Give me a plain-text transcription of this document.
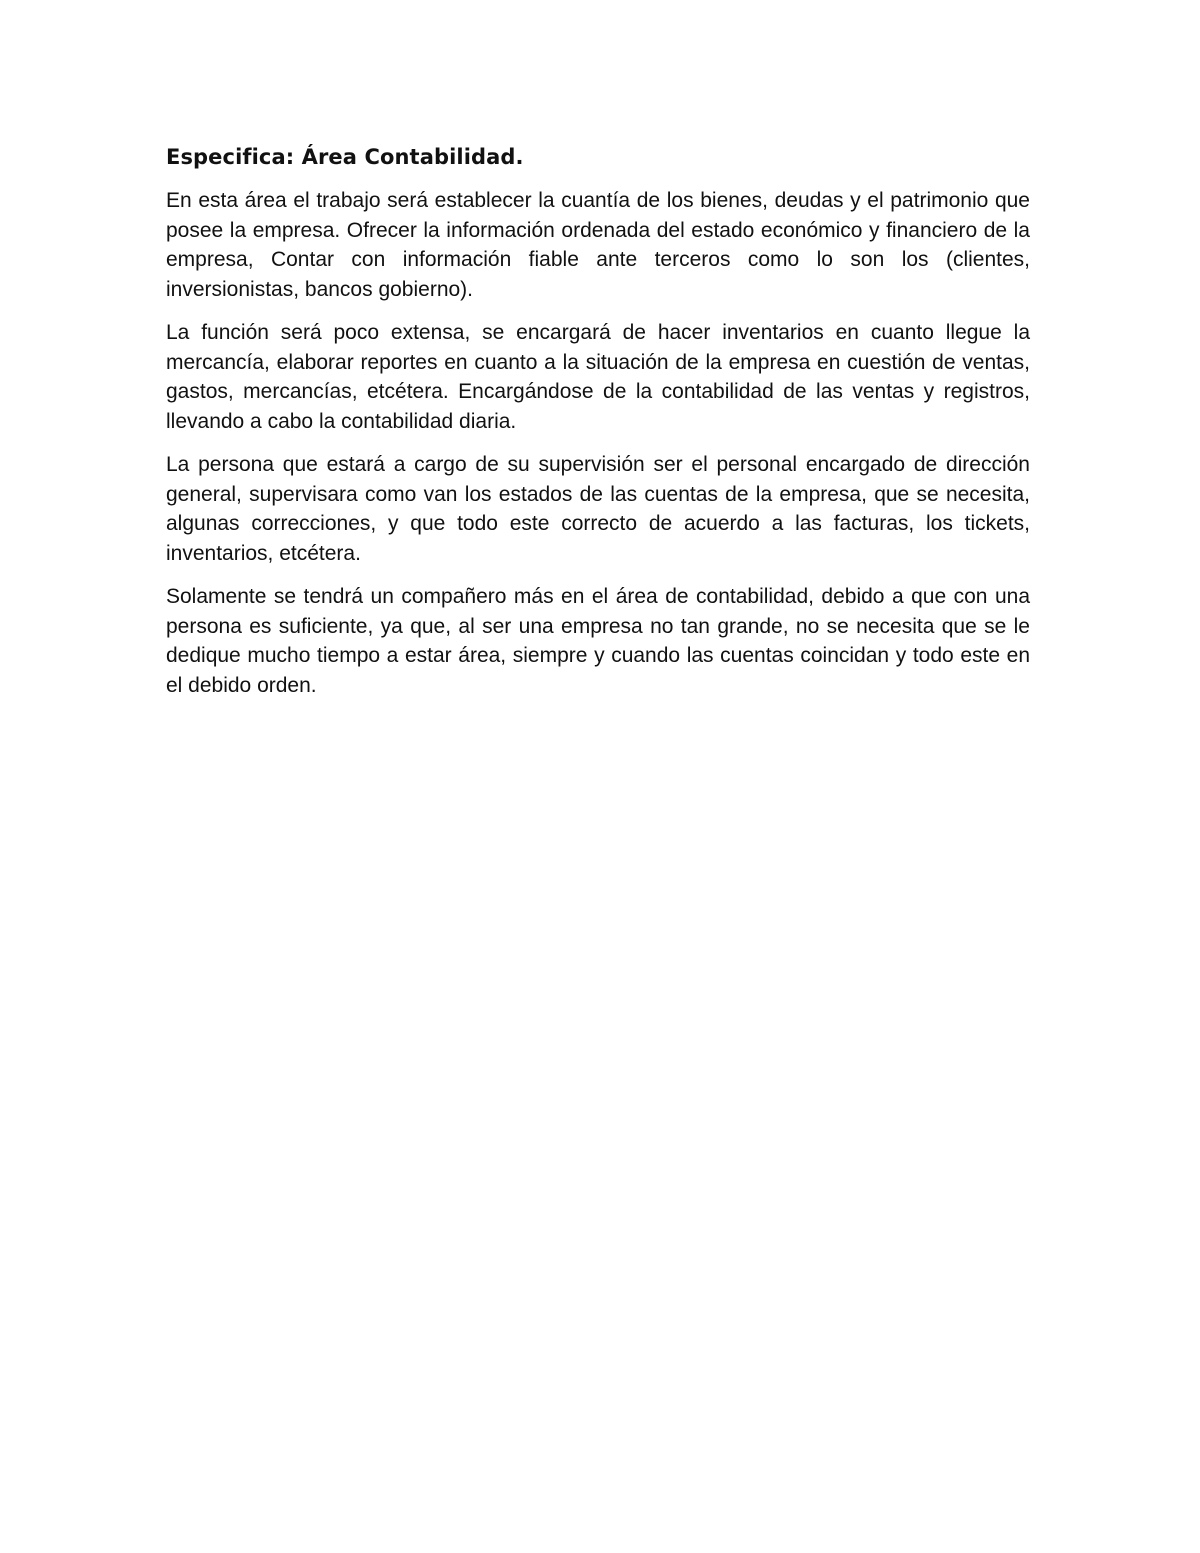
Especifica: Área Contabilidad.

En esta área el trabajo será establecer la cuantía de los bienes, deudas y el patrimonio que posee la empresa. Ofrecer la información ordenada del estado económico y financiero de la empresa, Contar con información fiable ante terceros como lo son los (clientes, inversionistas, bancos gobierno).

La función será poco extensa, se encargará de hacer inventarios en cuanto llegue la mercancía, elaborar reportes en cuanto a la situación de la empresa en cuestión de ventas, gastos, mercancías, etcétera. Encargándose de la contabilidad de las ventas y registros, llevando a cabo la contabilidad diaria.

La persona que estará a cargo de su supervisión ser el personal encargado de dirección general, supervisara como van los estados de las cuentas de la empresa, que se necesita, algunas correcciones, y que todo este correcto de acuerdo a las facturas, los tickets, inventarios, etcétera.

Solamente se tendrá un compañero más en el área de contabilidad, debido a que con una persona es suficiente, ya que, al ser una empresa no tan grande, no se necesita que se le dedique mucho tiempo a estar área, siempre y cuando las cuentas coincidan y todo este en el debido orden.
